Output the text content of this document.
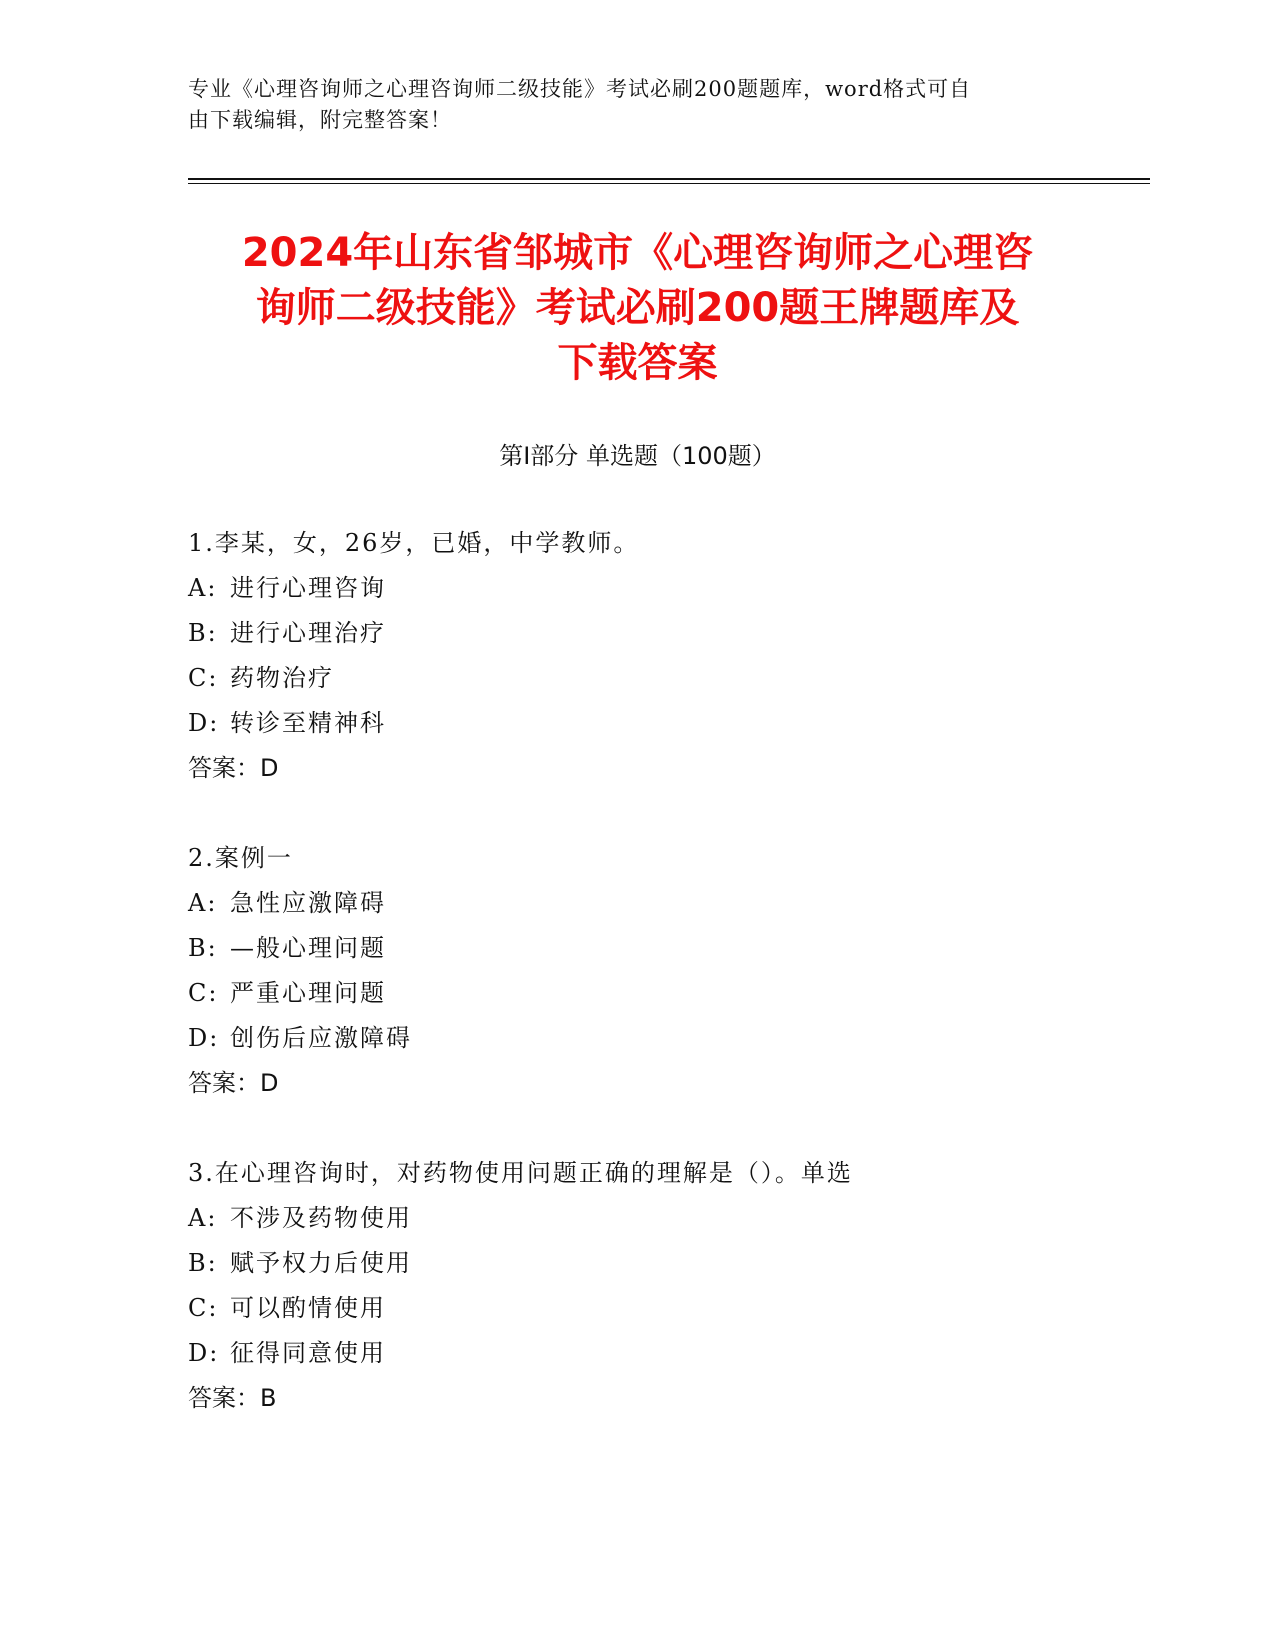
专业《心理咨询师之心理咨询师二级技能》考试必刷200题题库，word格式可自
由下载编辑，附完整答案！
2024年山东省邹城市《心理咨询师之心理咨
询师二级技能》考试必刷200题王牌题库及
下载答案
第Ⅰ部分 单选题（100题）
1.李某，女，26岁，已婚，中学教师。
A: 进行心理咨询
B: 进行心理治疗
C: 药物治疗
D: 转诊至精神科
答案：D
2.案例一
A: 急性应激障碍
B: —般心理问题
C: 严重心理问题
D: 创伤后应激障碍
答案：D
3.在心理咨询时，对药物使用问题正确的理解是（）。单选
A: 不涉及药物使用
B: 赋予权力后使用
C: 可以酌情使用
D: 征得同意使用
答案：B
